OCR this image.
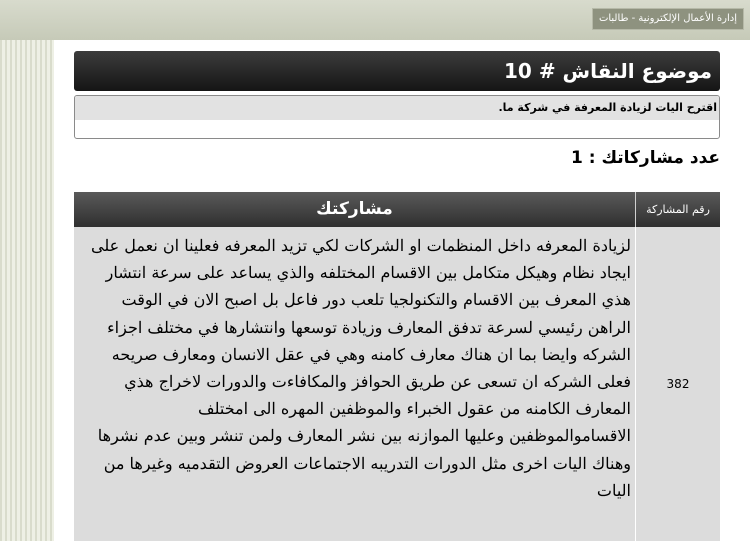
إدارة الأعمال الإلكترونية - طالبات
موضوع النقاش # 10
اقترح اليات لزيادة المعرفة في شركة ما.
عدد مشاركاتك : 1
رقم المشاركة
مشاركتك
382
لزيادة المعرفه داخل المنظمات او الشركات لكي تزيد المعرفه فعلينا ان نعمل على ايجاد نظام وهيكل متكامل بين الاقسام المختلفه والذي يساعد على سرعة انتشار هذي المعرف بين الاقسام والتكنولجيا تلعب دور فاعل بل اصبح الان في الوقت الراهن رئيسي لسرعة تدفق المعارف وزيادة توسعها وانتشارها في مختلف اجزاء الشركه وايضا بما ان هناك معارف كامنه وهي في عقل الانسان ومعارف صريحه فعلى الشركه ان تسعى عن طريق الحوافز والمكافاءت والدورات لاخراج هذي المعارف الكامنه من عقول الخبراء والموظفين المهره الى امختلف الاقساموالموظفين وعليها الموازنه بين نشر المعارف ولمن تنشر وبين عدم نشرها وهناك اليات اخرى مثل الدورات التدريبه الاجتماعات العروض التقدميه وغيرها من اليات
